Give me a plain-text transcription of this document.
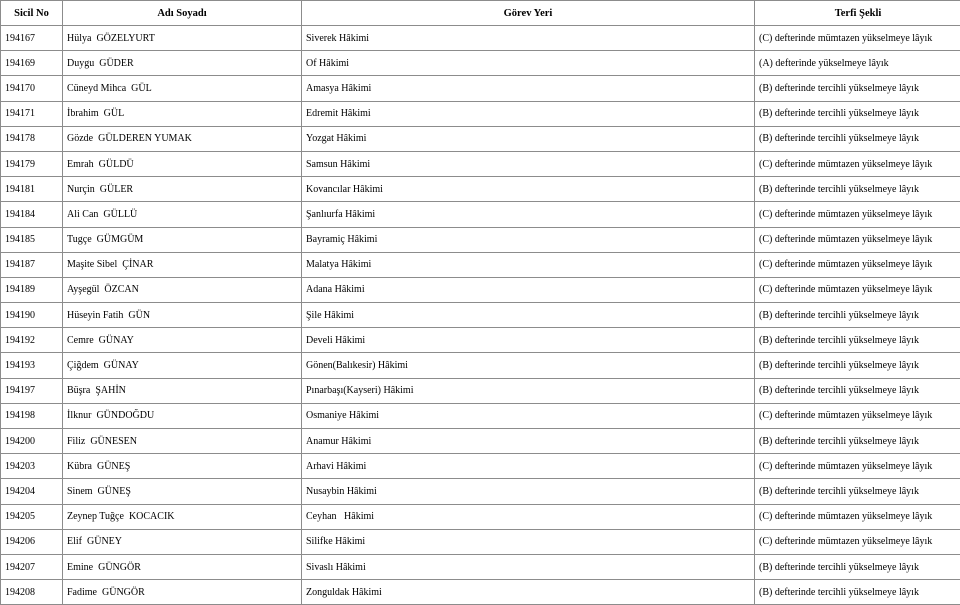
Sicil No	Adı Soyadı	Görev Yeri	Terfi Şekli
194167	Hülya  GÖZELYURT	Siverek Hâkimi	(C) defterinde mümtazen yükselmeye lâyık
194169	Duygu  GÜDER	Of Hâkimi	(A) defterinde yükselmeye lâyık
194170	Cüneyd Mihca  GÜL	Amasya Hâkimi	(B) defterinde tercihli yükselmeye lâyık
194171	İbrahim  GÜL	Edremit Hâkimi	(B) defterinde tercihli yükselmeye lâyık
194178	Gözde  GÜLDEREN YUMAK	Yozgat Hâkimi	(B) defterinde tercihli yükselmeye lâyık
194179	Emrah  GÜLDÜ	Samsun Hâkimi	(C) defterinde mümtazen yükselmeye lâyık
194181	Nurçin  GÜLER	Kovancılar Hâkimi	(B) defterinde tercihli yükselmeye lâyık
194184	Ali Can  GÜLLÜ	Şanlıurfa Hâkimi	(C) defterinde mümtazen yükselmeye lâyık
194185	Tugçe  GÜMGÜM	Bayramiç Hâkimi	(C) defterinde mümtazen yükselmeye lâyık
194187	Maşite Sibel  ÇİNAR	Malatya Hâkimi	(C) defterinde mümtazen yükselmeye lâyık
194189	Ayşegül  ÖZCAN	Adana Hâkimi	(C) defterinde mümtazen yükselmeye lâyık
194190	Hüseyin Fatih  GÜN	Şile Hâkimi	(B) defterinde tercihli yükselmeye lâyık
194192	Cemre  GÜNAY	Develi Hâkimi	(B) defterinde tercihli yükselmeye lâyık
194193	Çiğdem  GÜNAY	Gönen(Balıkesir) Hâkimi	(B) defterinde tercihli yükselmeye lâyık
194197	Büşra  ŞAHİN	Pınarbaşı(Kayseri) Hâkimi	(B) defterinde tercihli yükselmeye lâyık
194198	İlknur  GÜNDOĞDU	Osmaniye Hâkimi	(C) defterinde mümtazen yükselmeye lâyık
194200	Filiz  GÜNESEN	Anamur Hâkimi	(B) defterinde tercihli yükselmeye lâyık
194203	Kübra  GÜNEŞ	Arhavi Hâkimi	(C) defterinde mümtazen yükselmeye lâyık
194204	Sinem  GÜNEŞ	Nusaybin Hâkimi	(B) defterinde tercihli yükselmeye lâyık
194205	Zeynep Tuğçe  KOCACIK	Ceyhan   Hâkimi	(C) defterinde mümtazen yükselmeye lâyık
194206	Elif  GÜNEY	Silifke Hâkimi	(C) defterinde mümtazen yükselmeye lâyık
194207	Emine  GÜNGÖR	Sivaslı Hâkimi	(B) defterinde tercihli yükselmeye lâyık
194208	Fadime  GÜNGÖR	Zonguldak Hâkimi	(B) defterinde tercihli yükselmeye lâyık
